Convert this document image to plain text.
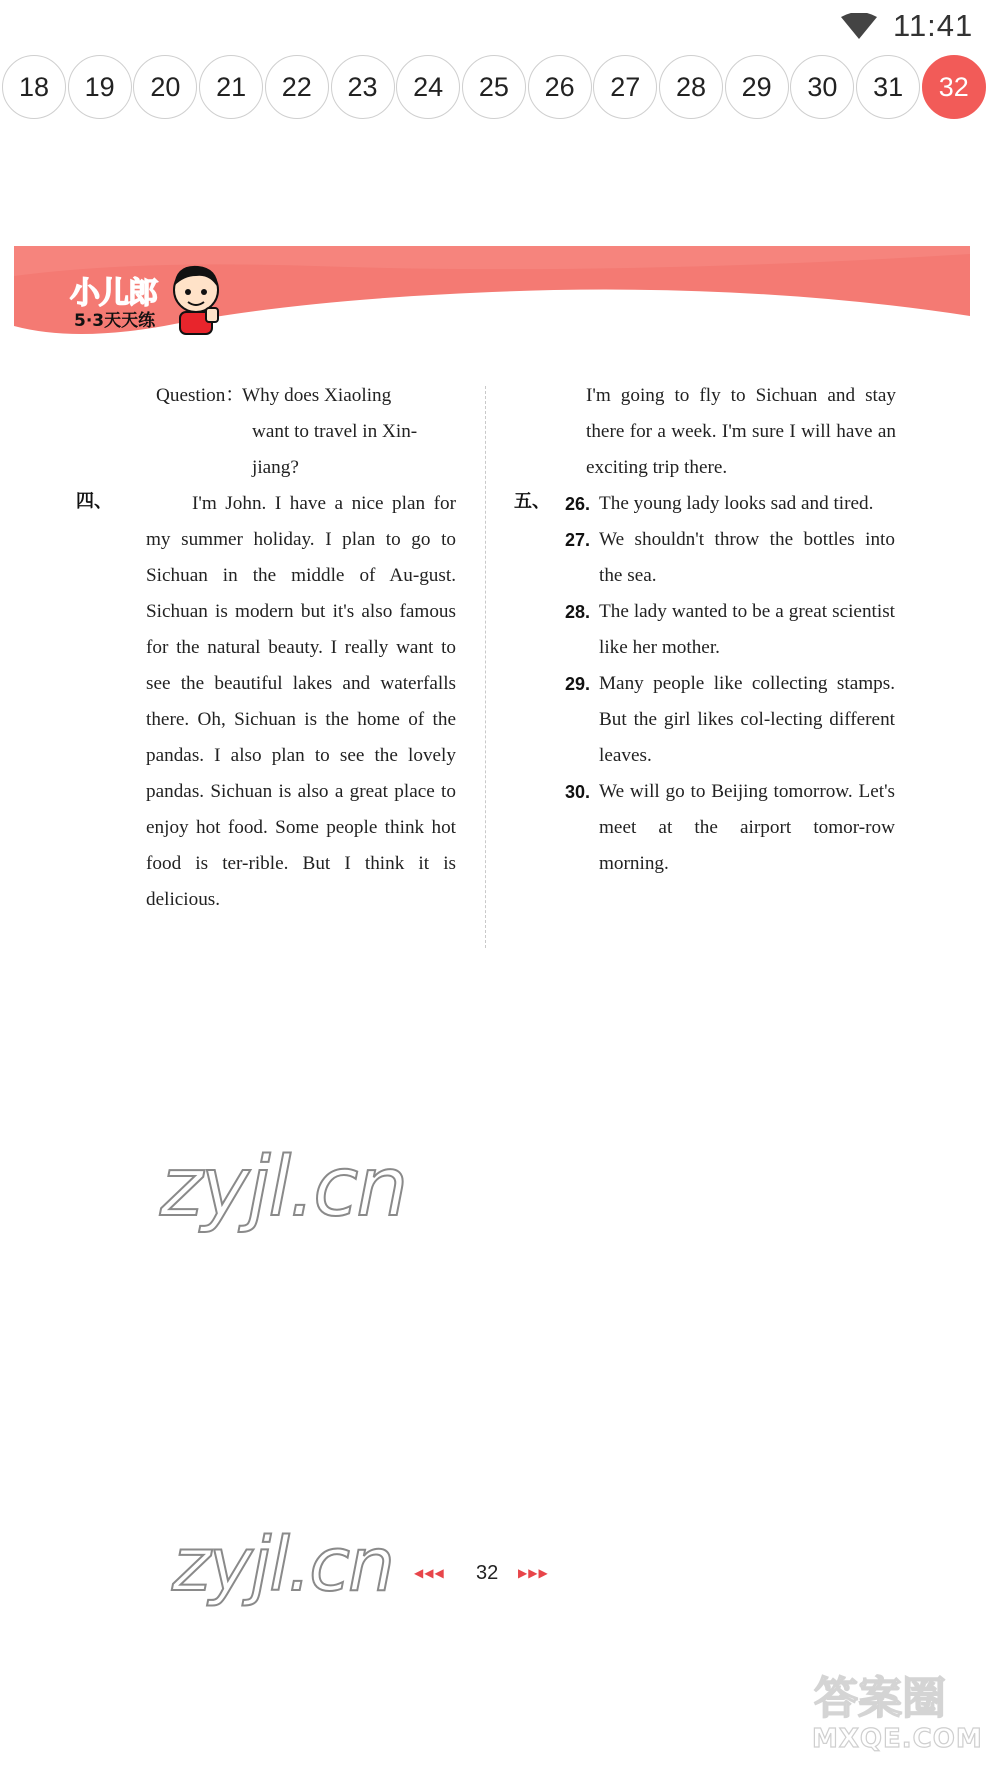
11:41
18	19	20	21	22	23	24	25	26	27	28	29	30	31	32
小儿郎
5·3天天练
Question：Why does Xiaoling
want to travel in Xin-
jiang?

I'm John. I have a nice plan for my summer holiday. I plan to go to Sichuan in the middle of Au-gust. Sichuan is modern but it's also famous for the natural beauty. I really want to see the beautiful lakes and waterfalls there. Oh, Sichuan is the home of the pandas. I also plan to see the lovely pandas. Sichuan is also a great place to enjoy hot food. Some people think hot food is ter-rible. But I think it is delicious.

四、

I'm going to fly to Sichuan and stay there for a week. I'm sure I will have an exciting trip there.

五、 26. The young lady looks sad and tired.
27. We shouldn't throw the bottles into the sea.
28. The lady wanted to be a great scientist like her mother.
29. Many people like collecting stamps. But the girl likes col-lecting different leaves.
30. We will go to Beijing tomorrow. Let's meet at the airport tomor-row morning.
zyjl.cn
zyjl.cn
答案圈
MXQE.COM
◀◀◀ 32 ▶▶▶
